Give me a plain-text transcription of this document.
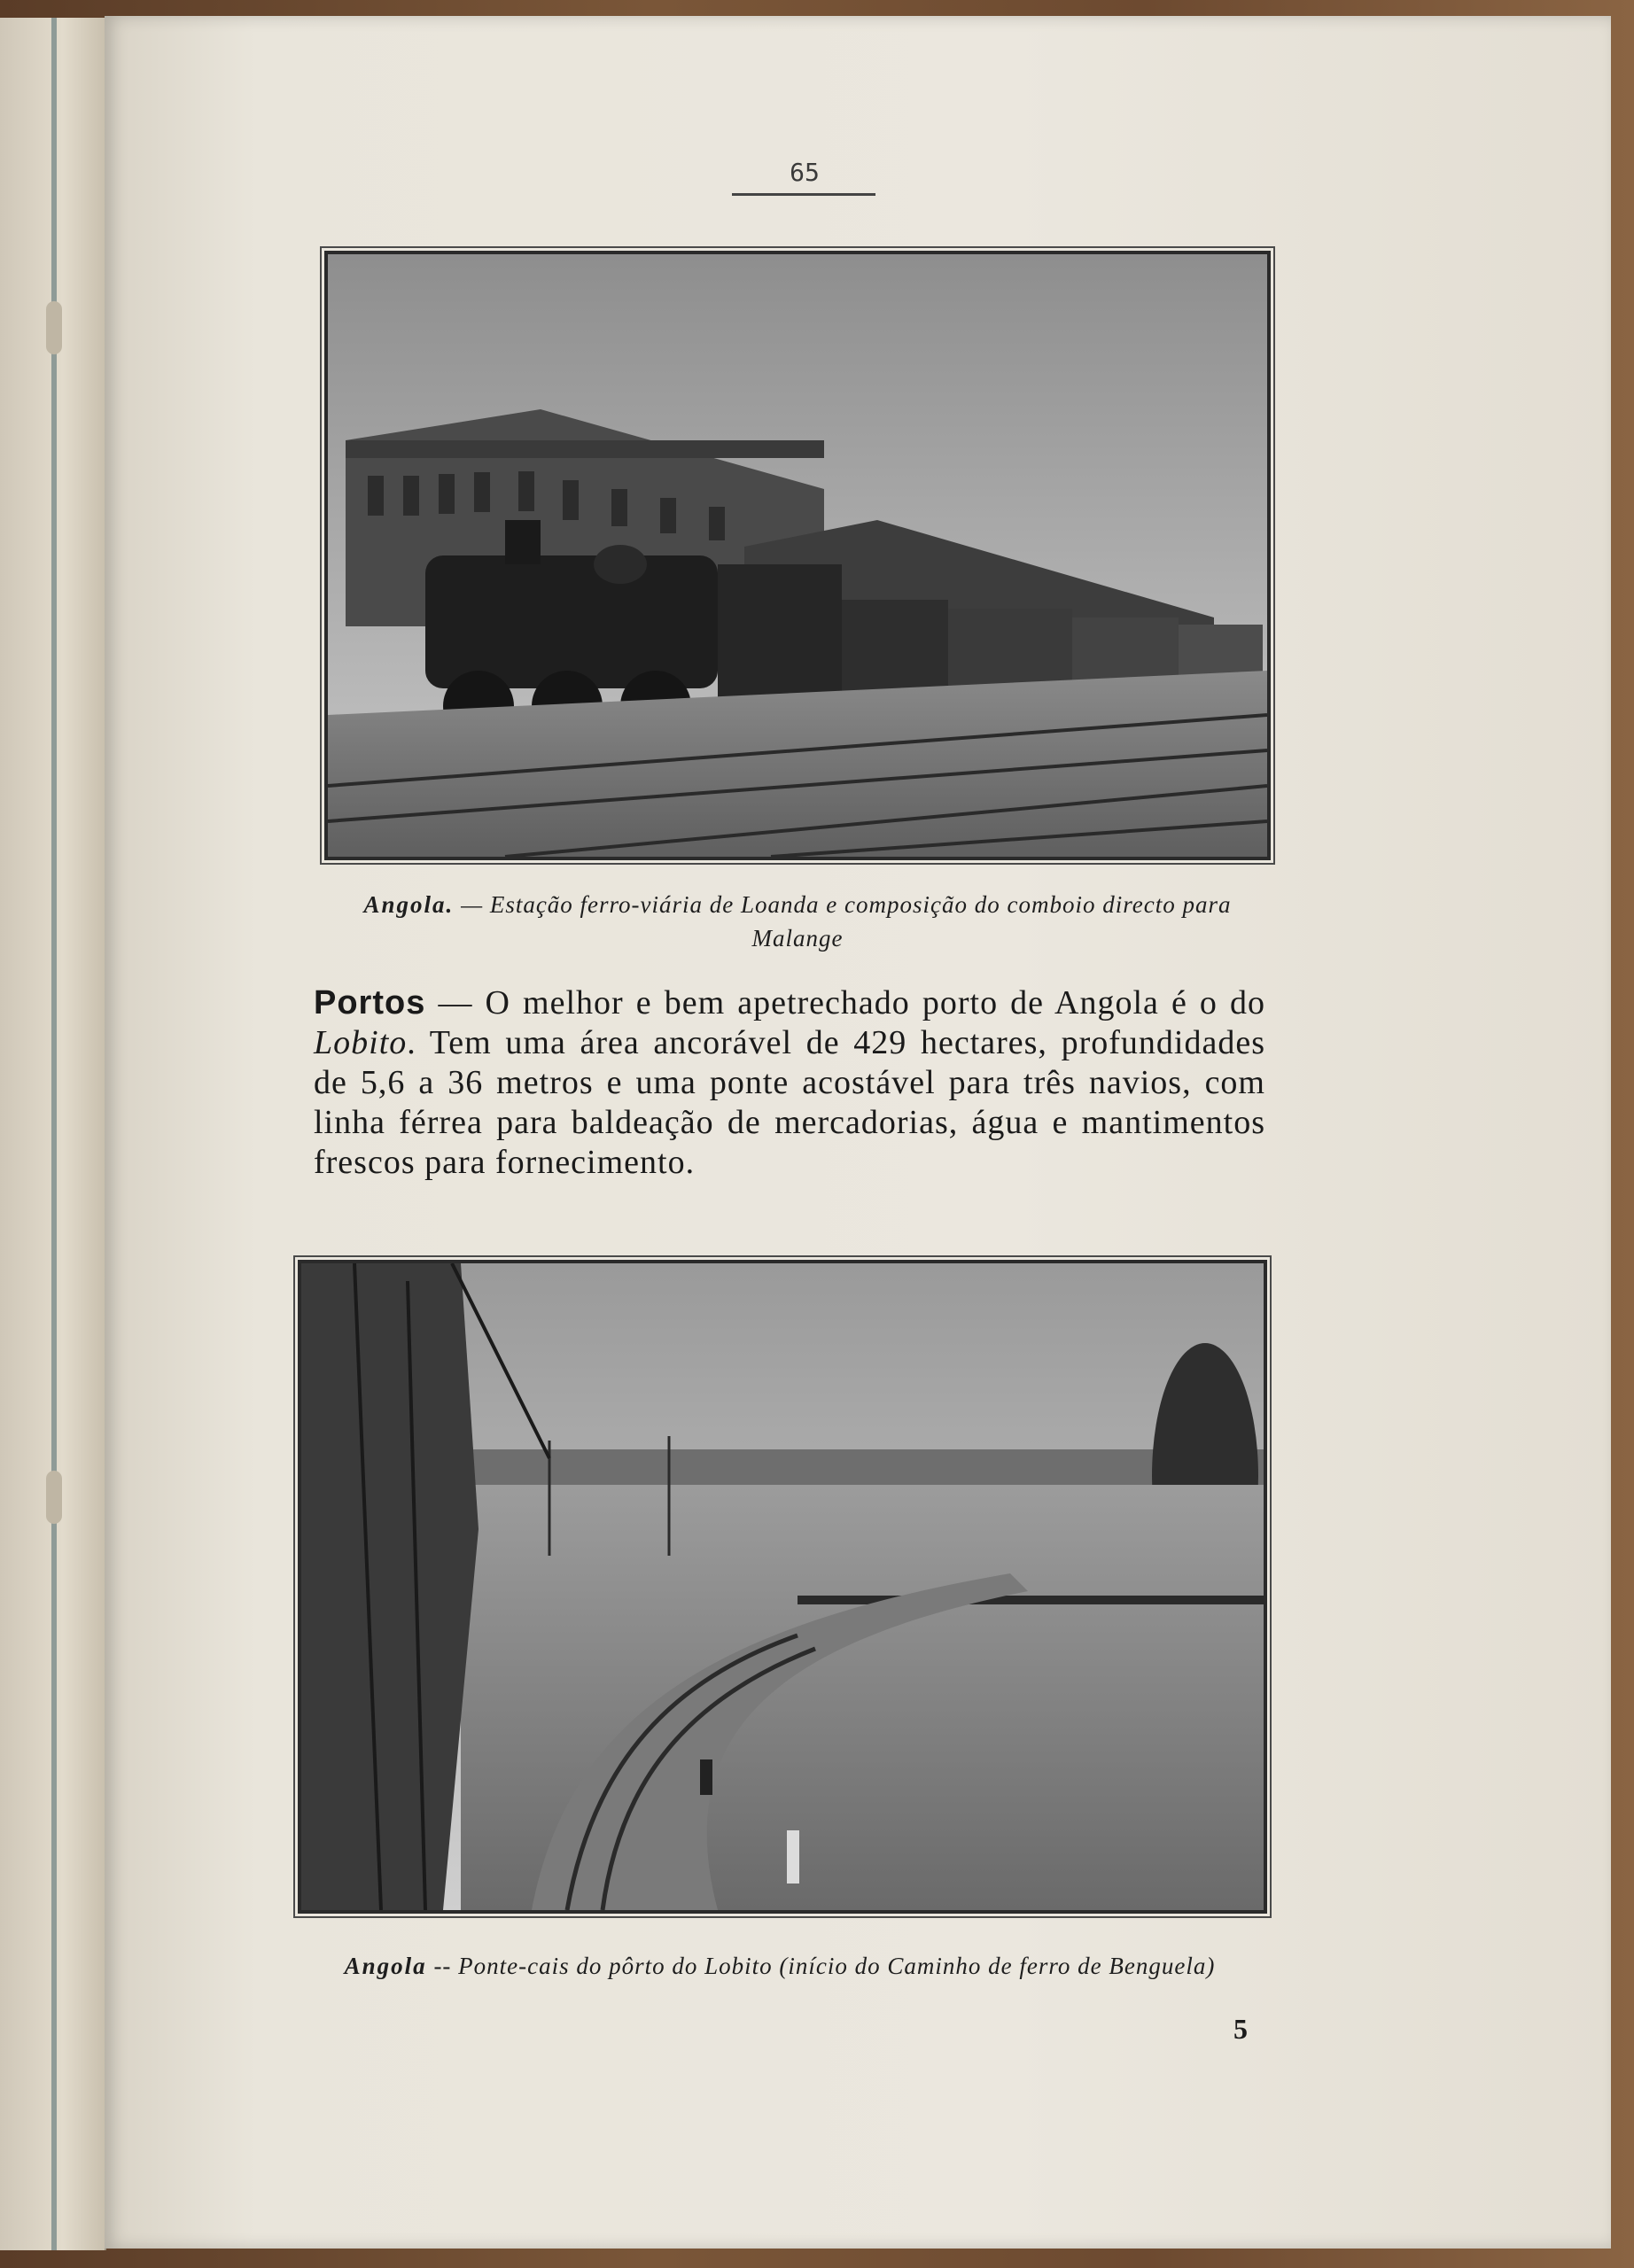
65
Angola. — Estação ferro-viária de Loanda e composição do comboio directo para Malange
Portos — O melhor e bem apetrechado porto de Angola é o do Lobito. Tem uma área ancorável de 429 hectares, profundidades de 5,6 a 36 metros e uma ponte acostável para três navios, com linha férrea para baldeação de mercadorias, água e mantimentos frescos para fornecimento.
Angola -- Ponte-cais do pôrto do Lobito (início do Caminho de ferro de Benguela)
5
